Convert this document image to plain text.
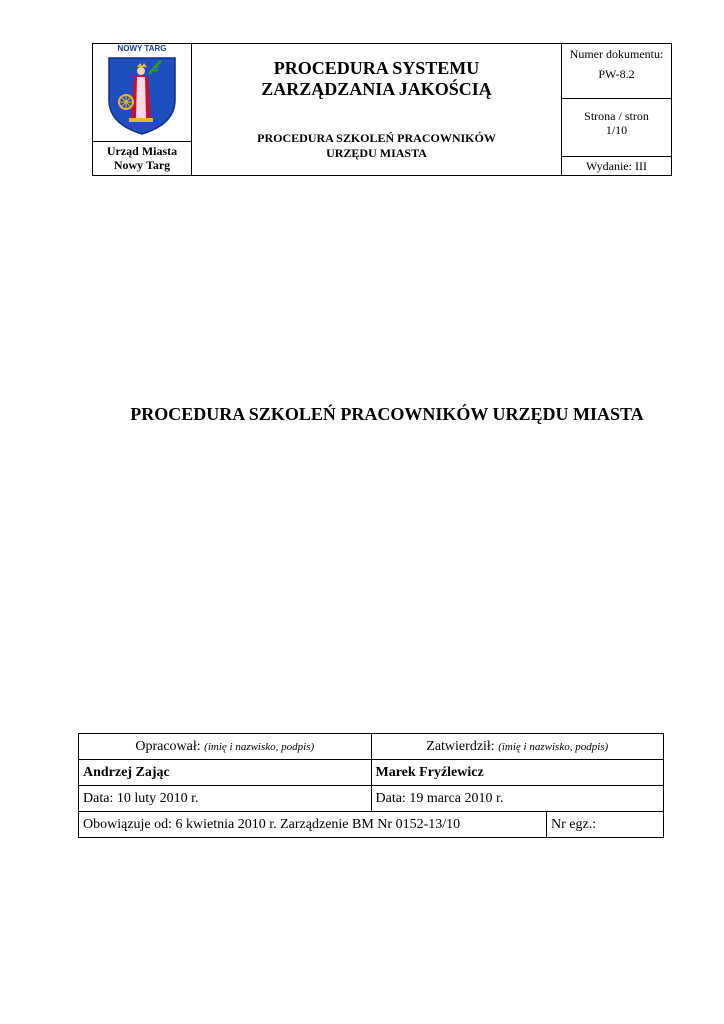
NOWY TARG
Urząd Miasta
Nowy Targ
PROCEDURA SYSTEMU
ZARZĄDZANIA JAKOŚCIĄ
PROCEDURA SZKOLEŃ PRACOWNIKÓW
URZĘDU MIASTA
Numer dokumentu:
PW-8.2
Strona / stron
1/10
Wydanie: III
PROCEDURA SZKOLEŃ PRACOWNIKÓW URZĘDU MIASTA
Opracował: (imię i nazwisko, podpis)	Zatwierdził: (imię i nazwisko, podpis)	
Andrzej Zając	Marek Fryźlewicz	
Data: 10 luty 2010 r.	Data: 19 marca 2010 r.	
Obowiązuje od: 6 kwietnia 2010 r. Zarządzenie BM Nr 0152-13/10		Nr egz.:
